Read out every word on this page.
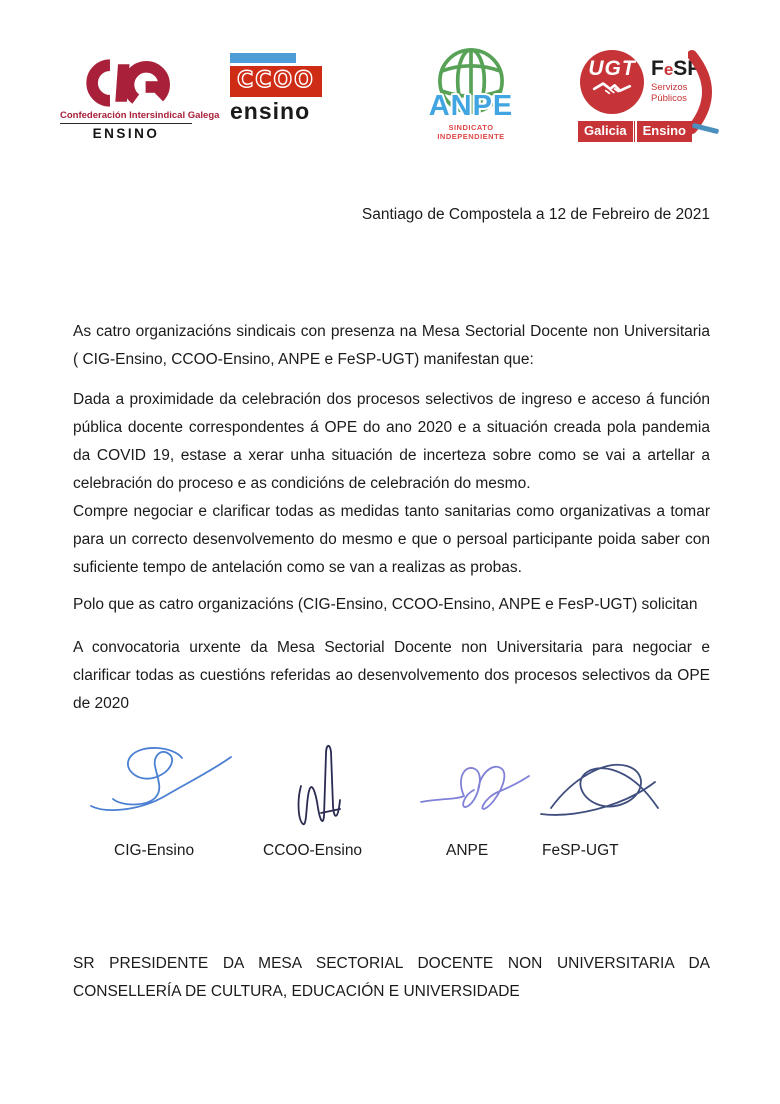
Confederación Intersindical Galega
ENSINO
CCOO
ensino	ANPE
SINDICATO INDEPENDIENTE
UGT FeSP
Servizos Públicos
Galicia	Ensino
Santiago de Compostela a 12 de Febreiro de 2021

As catro organizacións sindicais con presenza na Mesa Sectorial Docente non Universitaria ( CIG-Ensino, CCOO-Ensino, ANPE e FeSP-UGT) manifestan que:

Dada a proximidade da celebración dos procesos selectivos de ingreso e acceso á función pública docente correspondentes á OPE do ano 2020 e a situación creada pola pandemia da COVID 19, estase a xerar unha situación de incerteza sobre como se vai a artellar a celebración do proceso e as condicións de celebración do mesmo.

Compre negociar e clarificar todas as medidas tanto sanitarias como organizativas a tomar para un correcto desenvolvemento do mesmo e que o persoal participante poida saber con suficiente tempo de antelación como se van a realizas as probas.

Polo que as catro organizacións (CIG-Ensino, CCOO-Ensino, ANPE e FesP-UGT) solicitan

A convocatoria urxente da Mesa Sectorial Docente non Universitaria para negociar e clarificar todas as cuestións referidas ao desenvolvemento dos procesos selectivos da OPE de 2020

CIG-Ensino	CCOO-Ensino	ANPE	FeSP-UGT
SR PRESIDENTE DA MESA SECTORIAL DOCENTE NON UNIVERSITARIA DA CONSELLERÍA DE CULTURA, EDUCACIÓN E UNIVERSIDADE
